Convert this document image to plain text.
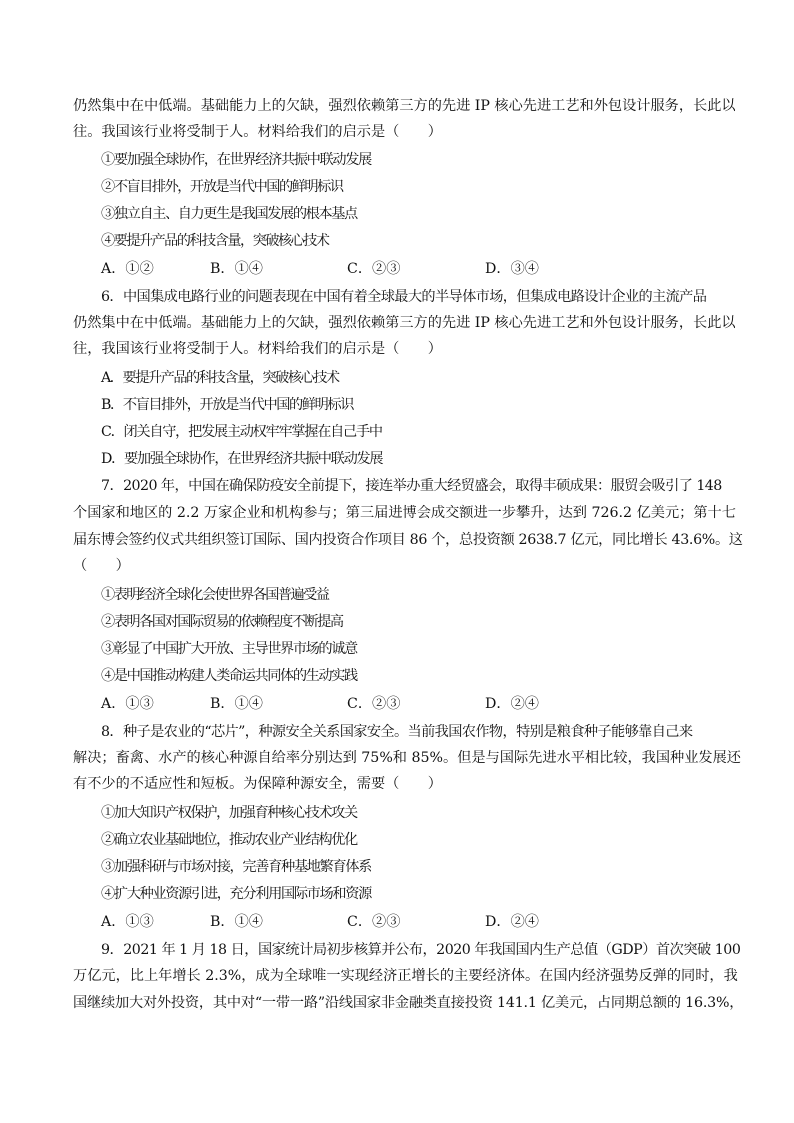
仍然集中在中低端。基础能力上的欠缺，强烈依赖第三方的先进 IP 核心先进工艺和外包设计服务，长此以
往。我国该行业将受制于人。材料给我们的启示是（　　）
①要加强全球协作，在世界经济共振中联动发展
②不盲目排外，开放是当代中国的鲜明标识
③独立自主、自力更生是我国发展的根本基点
④要提升产品的科技含量，突破核心技术
A．①②	B．①④	C．②③	D．③④
6．中国集成电路行业的问题表现在中国有着全球最大的半导体市场，但集成电路设计企业的主流产品
仍然集中在中低端。基础能力上的欠缺，强烈依赖第三方的先进 IP 核心先进工艺和外包设计服务，长此以
往，我国该行业将受制于人。材料给我们的启示是（　　）
A．要提升产品的科技含量，突破核心技术
B．不盲目排外，开放是当代中国的鲜明标识
C．闭关自守，把发展主动权牢牢掌握在自己手中
D．要加强全球协作，在世界经济共振中联动发展
7．2020 年，中国在确保防疫安全前提下，接连举办重大经贸盛会，取得丰硕成果：服贸会吸引了 148
个国家和地区的 2.2 万家企业和机构参与；第三届进博会成交额进一步攀升，达到 726.2 亿美元；第十七
届东博会签约仪式共组织签订国际、国内投资合作项目 86 个，总投资额 2638.7 亿元，同比增长 43.6%。这
（　　）
①表明经济全球化会使世界各国普遍受益
②表明各国对国际贸易的依赖程度不断提高
③彰显了中国扩大开放、主导世界市场的诚意
④是中国推动构建人类命运共同体的生动实践
A．①③	B．①④	C．②③	D．②④
8．种子是农业的“芯片”，种源安全关系国家安全。当前我国农作物，特别是粮食种子能够靠自己来
解决；畜禽、水产的核心种源自给率分别达到 75%和 85%。但是与国际先进水平相比较，我国种业发展还
有不少的不适应性和短板。为保障种源安全，需要（　　）
①加大知识产权保护，加强育种核心技术攻关
②确立农业基础地位，推动农业产业结构优化
③加强科研与市场对接，完善育种基地繁育体系
④扩大种业资源引进，充分利用国际市场和资源
A．①③	B．①④	C．②③	D．②④
9．2021 年 1 月 18 日，国家统计局初步核算并公布，2020 年我国国内生产总值（GDP）首次突破 100
万亿元，比上年增长 2.3%，成为全球唯一实现经济正增长的主要经济体。在国内经济强势反弹的同时，我
国继续加大对外投资，其中对“一带一路”沿线国家非金融类直接投资 141.1 亿美元，占同期总额的 16.3%，
